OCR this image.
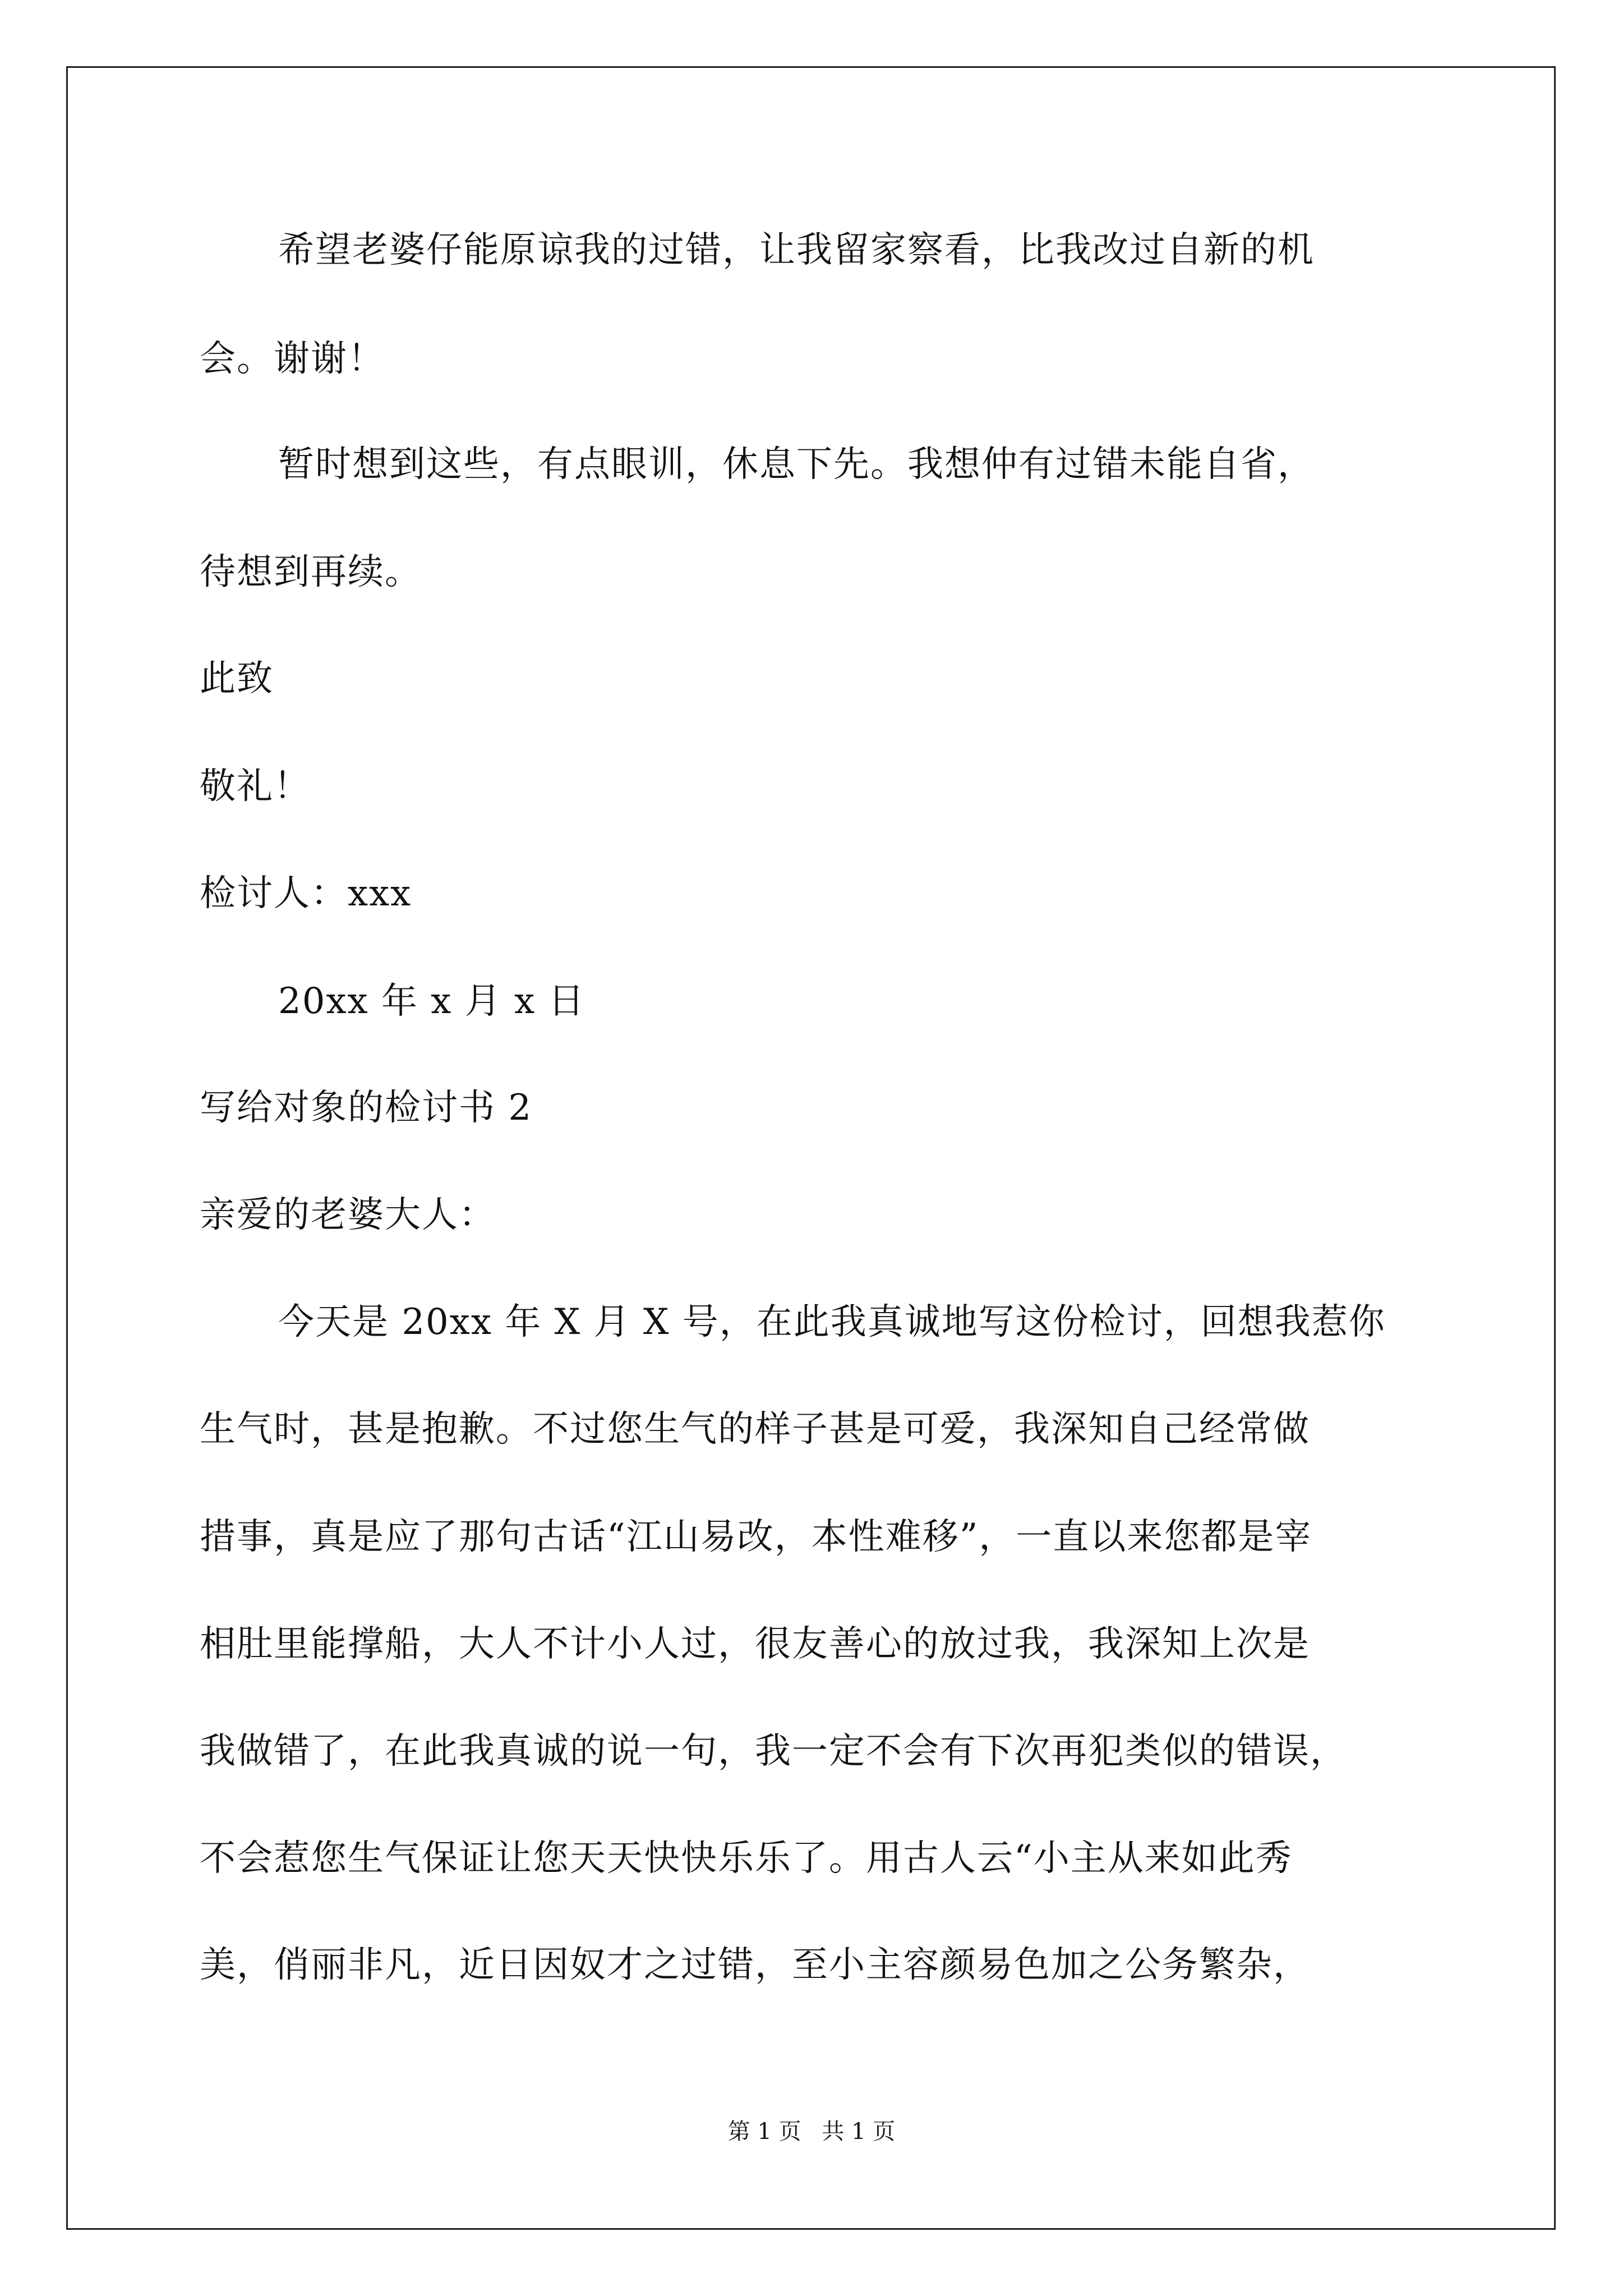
希望老婆仔能原谅我的过错，让我留家察看，比我改过自新的机
会。谢谢！
暂时想到这些，有点眼训，休息下先。我想仲有过错未能自省，
待想到再续。
此致
敬礼！
检讨人：xxx
20xx 年 x 月 x 日
写给对象的检讨书 2
亲爱的老婆大人：
今天是 20xx 年 X 月 X 号，在此我真诚地写这份检讨，回想我惹你
生气时，甚是抱歉。不过您生气的样子甚是可爱，我深知自己经常做
措事，真是应了那句古话“江山易改，本性难移”，一直以来您都是宰
相肚里能撑船，大人不计小人过，很友善心的放过我，我深知上次是
我做错了，在此我真诚的说一句，我一定不会有下次再犯类似的错误，
不会惹您生气保证让您天天快快乐乐了。用古人云“小主从来如此秀
美，俏丽非凡，近日因奴才之过错，至小主容颜易色加之公务繁杂，
第 1 页 共 1 页
